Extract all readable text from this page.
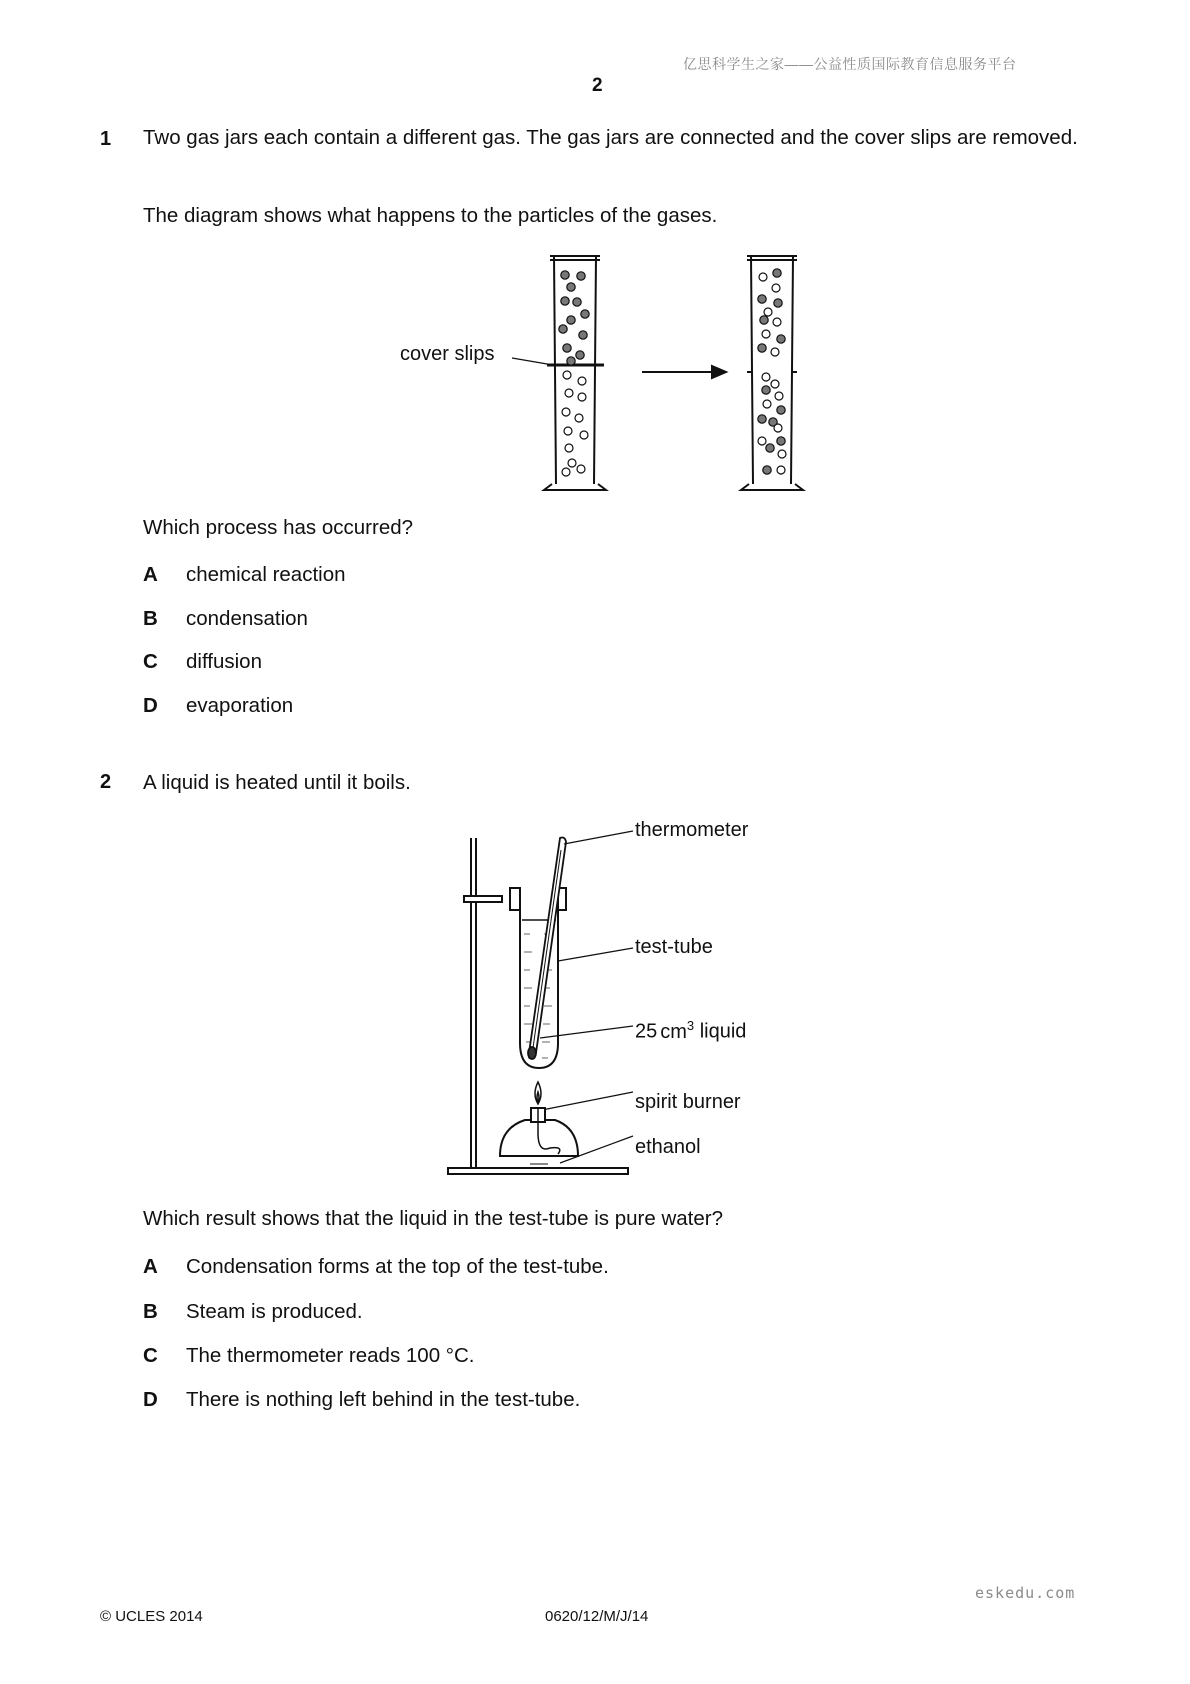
亿思科学生之家——公益性质国际教育信息服务平台
2
1 Two gas jars each contain a different gas. The gas jars are connected and the cover slips are removed.
The diagram shows what happens to the particles of the gases.
cover slips
Which process has occurred?
A chemical reaction
B condensation
C diffusion
D evaporation
2 A liquid is heated until it boils.
thermometer
test-tube
25 $cm^3$ liquid
spirit burner
ethanol
Which result shows that the liquid in the test-tube is pure water?
A Condensation forms at the top of the test-tube.
B Steam is produced.
C The thermometer reads 100 °C.
D There is nothing left behind in the test-tube.
eskedu.com
© UCLES 2014	0620/12/M/J/14
